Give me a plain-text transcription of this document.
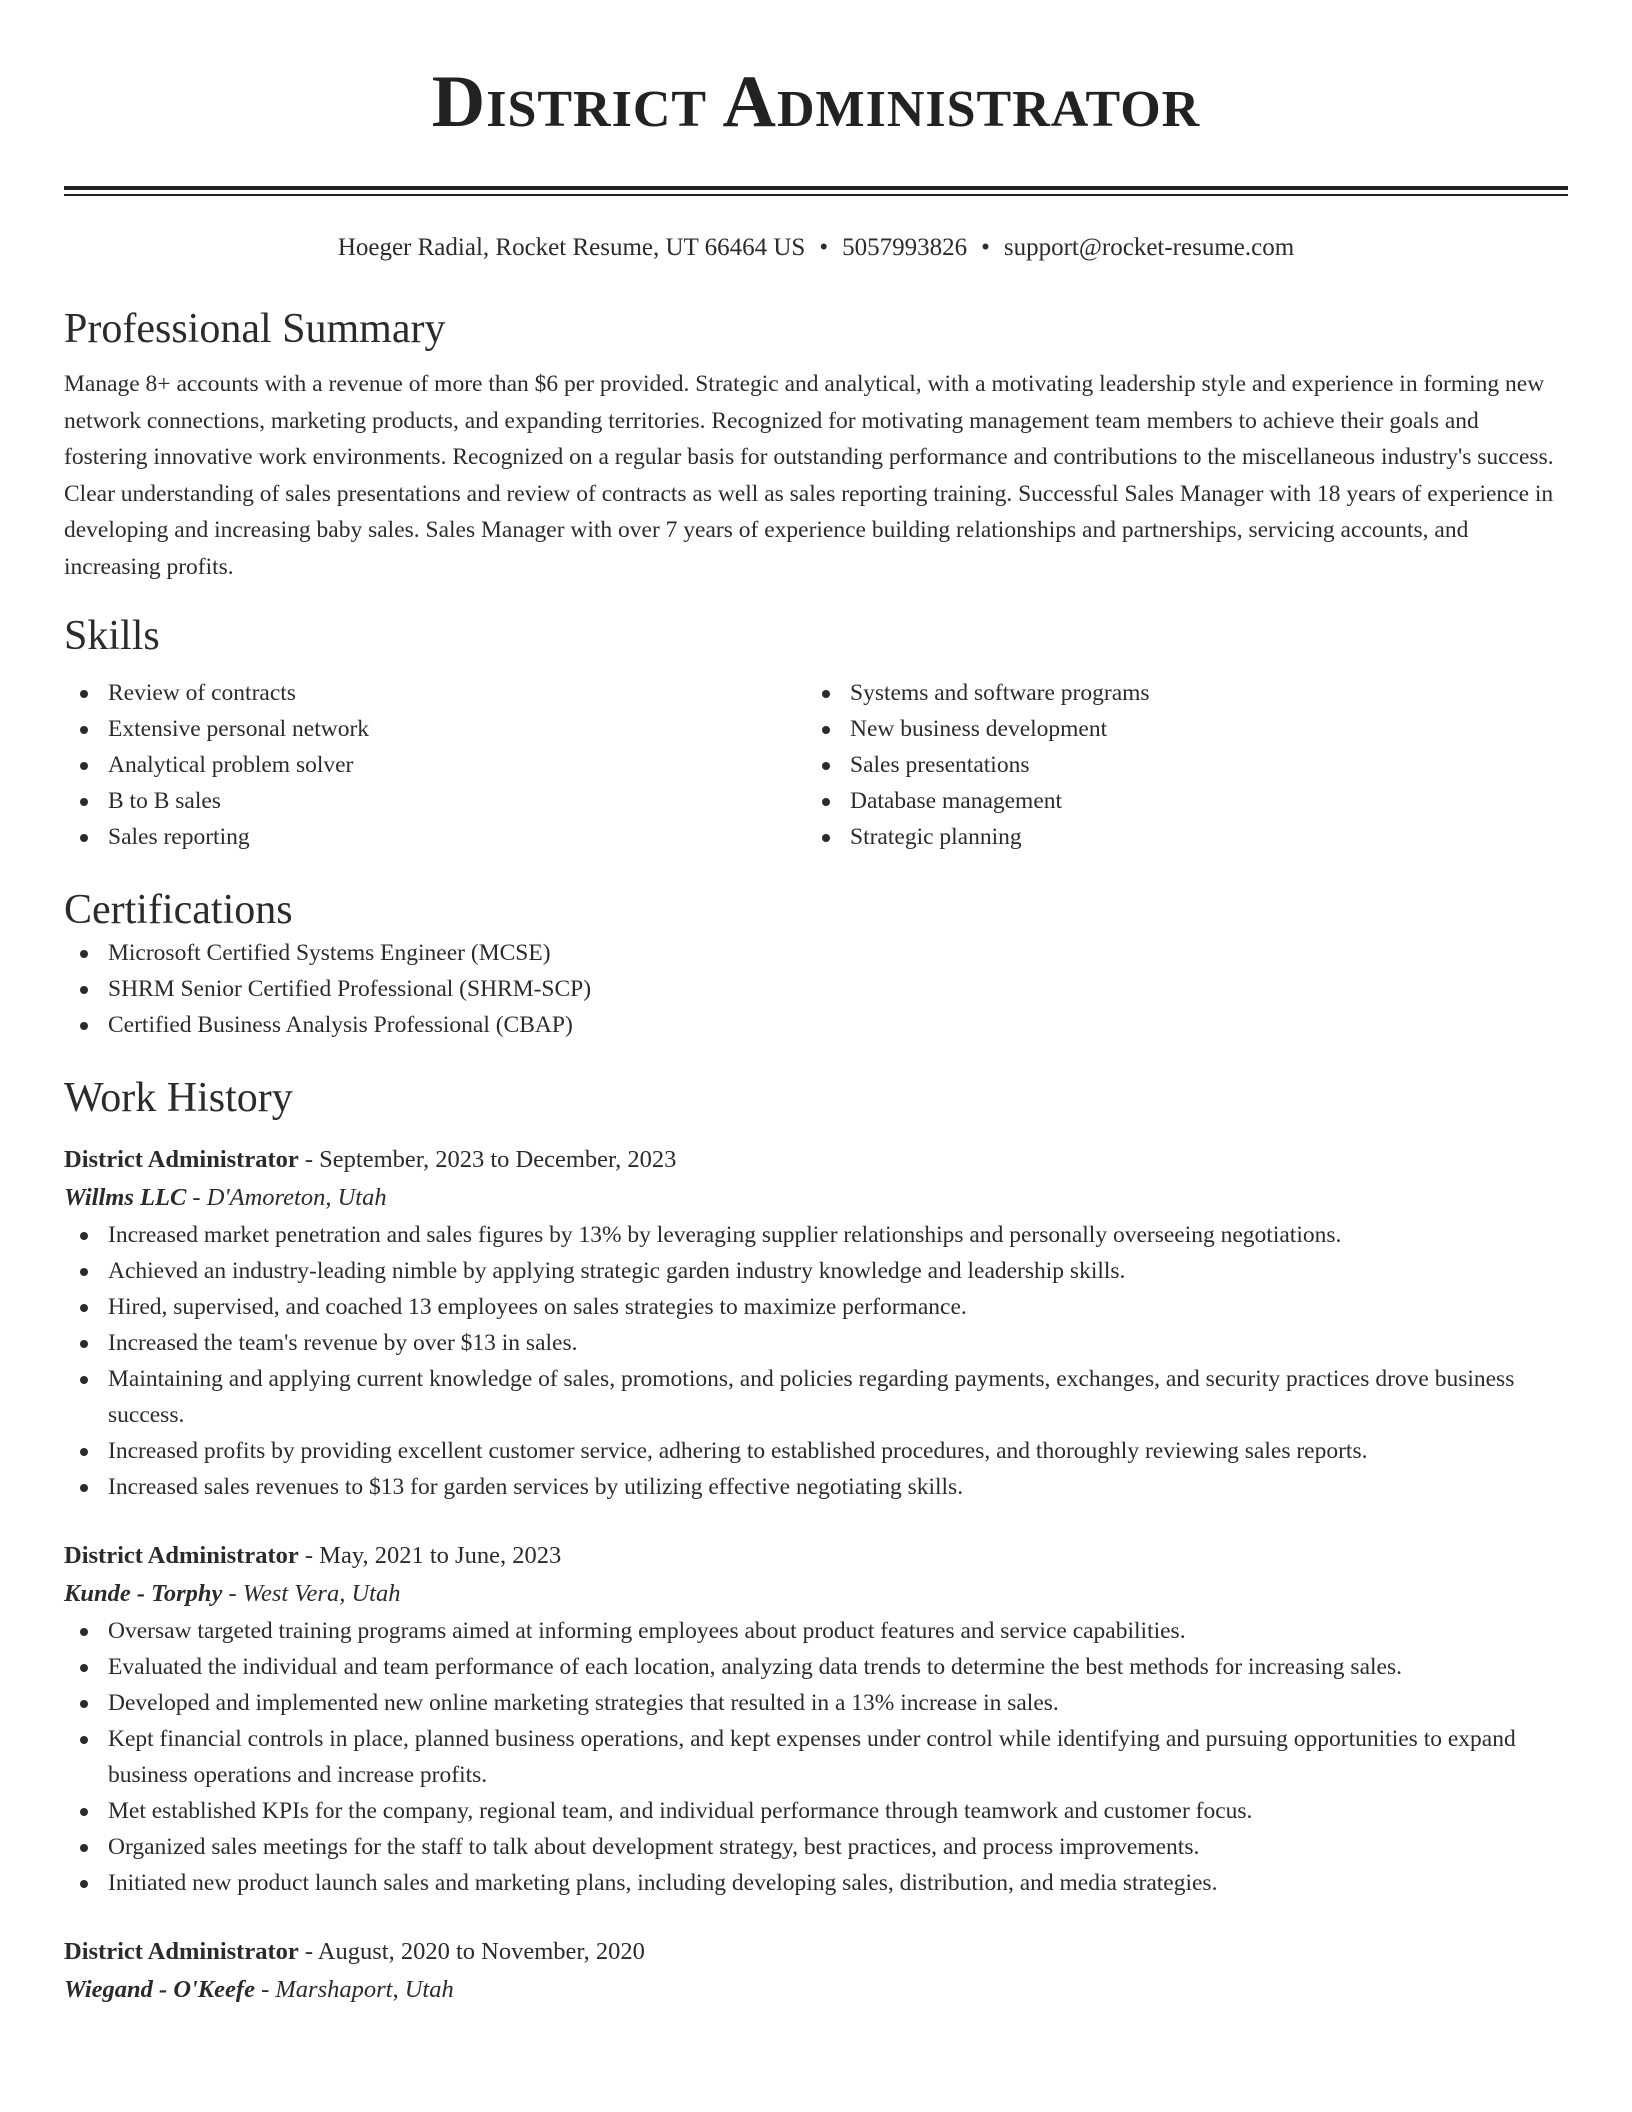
District Administrator
Hoeger Radial, Rocket Resume, UT 66464 US • 5057993826 • support@rocket-resume.com
Professional Summary

Manage 8+ accounts with a revenue of more than $6 per provided. Strategic and analytical, with a motivating leadership style and experience in forming new network connections, marketing products, and expanding territories. Recognized for motivating management team members to achieve their goals and fostering innovative work environments. Recognized on a regular basis for outstanding performance and contributions to the miscellaneous industry's success. Clear understanding of sales presentations and review of contracts as well as sales reporting training. Successful Sales Manager with 18 years of experience in developing and increasing baby sales. Sales Manager with over 7 years of experience building relationships and partnerships, servicing accounts, and increasing profits.

Skills
Review of contracts
Extensive personal network
Analytical problem solver
B to B sales
Sales reporting
Systems and software programs
New business development
Sales presentations
Database management
Strategic planning
Certifications
Microsoft Certified Systems Engineer (MCSE)
SHRM Senior Certified Professional (SHRM-SCP)
Certified Business Analysis Professional (CBAP)
Work History
District Administrator - September, 2023 to December, 2023
Willms LLC - D'Amoreton, Utah
Increased market penetration and sales figures by 13% by leveraging supplier relationships and personally overseeing negotiations.
Achieved an industry-leading nimble by applying strategic garden industry knowledge and leadership skills.
Hired, supervised, and coached 13 employees on sales strategies to maximize performance.
Increased the team's revenue by over $13 in sales.
Maintaining and applying current knowledge of sales, promotions, and policies regarding payments, exchanges, and security practices drove business success.
Increased profits by providing excellent customer service, adhering to established procedures, and thoroughly reviewing sales reports.
Increased sales revenues to $13 for garden services by utilizing effective negotiating skills.
District Administrator - May, 2021 to June, 2023
Kunde - Torphy - West Vera, Utah
Oversaw targeted training programs aimed at informing employees about product features and service capabilities.
Evaluated the individual and team performance of each location, analyzing data trends to determine the best methods for increasing sales.
Developed and implemented new online marketing strategies that resulted in a 13% increase in sales.
Kept financial controls in place, planned business operations, and kept expenses under control while identifying and pursuing opportunities to expand business operations and increase profits.
Met established KPIs for the company, regional team, and individual performance through teamwork and customer focus.
Organized sales meetings for the staff to talk about development strategy, best practices, and process improvements.
Initiated new product launch sales and marketing plans, including developing sales, distribution, and media strategies.
District Administrator - August, 2020 to November, 2020
Wiegand - O'Keefe - Marshaport, Utah
